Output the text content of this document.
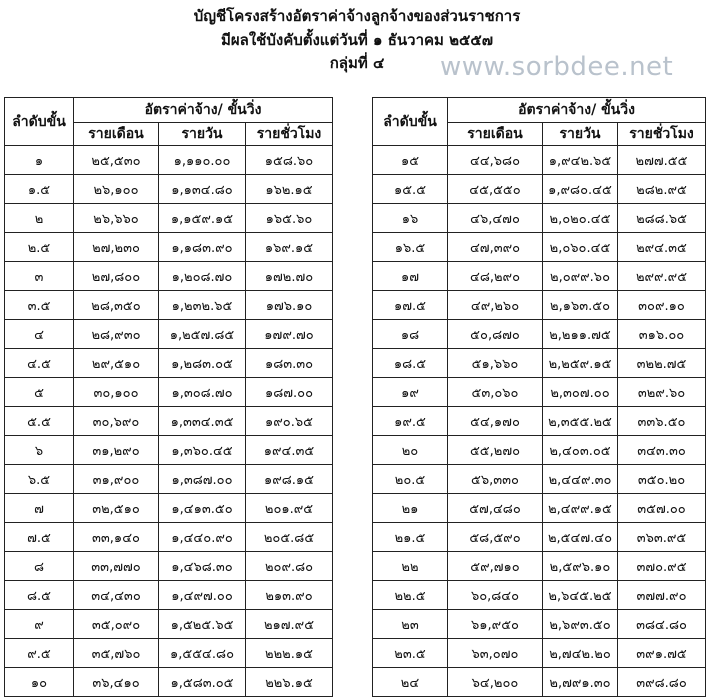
บัญชีโครงสร้างอัตราค่าจ้างลูกจ้างของส่วนราชการ
มีผลใช้บังคับตั้งแต่วันที่ ๑ ธันวาคม ๒๕๕๗
กลุ่มที่ ๔	www.sorbdee.net
ลำดับขั้น	อัตราค่าจ้าง/ ขั้นวิ่ง		
	รายเดือน	รายวัน	รายชั่วโมง
๑	๒๕,๕๓๐	๑,๑๑๐.๐๐	๑๕๘.๖๐
๑.๕	๒๖,๑๐๐	๑,๑๓๔.๘๐	๑๖๒.๑๕
๒	๒๖,๖๖๐	๑,๑๕๙.๑๕	๑๖๕.๖๐
๒.๕	๒๗,๒๓๐	๑,๑๘๓.๙๐	๑๖๙.๑๕
๓	๒๗,๘๐๐	๑,๒๐๘.๗๐	๑๗๒.๗๐
๓.๕	๒๘,๓๕๐	๑,๒๓๒.๖๕	๑๗๖.๑๐
๔	๒๘,๙๓๐	๑,๒๕๗.๘๕	๑๗๙.๗๐
๔.๕	๒๙,๕๑๐	๑,๒๘๓.๐๕	๑๘๓.๓๐
๕	๓๐,๑๐๐	๑,๓๐๘.๗๐	๑๘๗.๐๐
๕.๕	๓๐,๖๙๐	๑,๓๓๔.๓๕	๑๙๐.๖๕
๖	๓๑,๒๙๐	๑,๓๖๐.๔๕	๑๙๔.๓๕
๖.๕	๓๑,๙๐๐	๑,๓๘๗.๐๐	๑๙๘.๑๕
๗	๓๒,๕๑๐	๑,๔๑๓.๕๐	๒๐๑.๙๕
๗.๕	๓๓,๑๔๐	๑,๔๔๐.๙๐	๒๐๕.๘๕
๘	๓๓,๗๗๐	๑,๔๖๘.๓๐	๒๐๙.๘๐
๘.๕	๓๔,๔๓๐	๑,๔๙๗.๐๐	๒๑๓.๙๐
๙	๓๕,๐๙๐	๑,๕๒๕.๖๕	๒๑๗.๙๕
๙.๕	๓๕,๗๖๐	๑,๕๕๔.๘๐	๒๒๒.๑๕
๑๐	๓๖,๔๑๐	๑,๕๘๓.๐๕	๒๒๖.๑๕
ลำดับขั้น	อัตราค่าจ้าง/ ขั้นวิ่ง		
	รายเดือน	รายวัน	รายชั่วโมง
๑๕	๔๔,๖๘๐	๑,๙๔๒.๖๕	๒๗๗.๕๕
๑๕.๕	๔๕,๕๕๐	๑,๙๘๐.๔๕	๒๘๒.๙๕
๑๖	๔๖,๔๗๐	๒,๐๒๐.๔๕	๒๘๘.๖๕
๑๖.๕	๔๗,๓๙๐	๒,๐๖๐.๔๕	๒๙๔.๓๕
๑๗	๔๘,๒๙๐	๒,๐๙๙.๖๐	๒๙๙.๙๕
๑๗.๕	๔๙,๒๖๐	๒,๑๖๓.๕๐	๓๐๙.๑๐
๑๘	๕๐,๘๗๐	๒,๒๑๑.๗๕	๓๑๖.๐๐
๑๘.๕	๕๑,๖๖๐	๒,๒๕๙.๑๕	๓๒๒.๗๕
๑๙	๕๓,๐๖๐	๒,๓๐๗.๐๐	๓๒๙.๖๐
๑๙.๕	๕๔,๑๗๐	๒,๓๕๕.๒๕	๓๓๖.๕๐
๒๐	๕๕,๒๗๐	๒,๔๐๓.๐๕	๓๔๓.๓๐
๒๐.๕	๕๖,๓๓๐	๒,๔๔๙.๓๐	๓๕๐.๒๐
๒๑	๕๗,๔๘๐	๒,๔๙๙.๑๕	๓๕๗.๐๐
๒๑.๕	๕๘,๕๙๐	๒,๕๔๗.๔๐	๓๖๓.๙๕
๒๒	๕๙,๗๑๐	๒,๕๙๖.๑๐	๓๗๐.๙๕
๒๒.๕	๖๐,๘๔๐	๒,๖๔๕.๒๕	๓๗๗.๙๐
๒๓	๖๑,๙๕๐	๒,๖๙๓.๕๐	๓๘๔.๘๐
๒๓.๕	๖๓,๐๗๐	๒,๗๔๒.๒๐	๓๙๑.๗๕
๒๔	๖๔,๒๐๐	๒,๗๙๑.๓๐	๓๙๘.๘๐
